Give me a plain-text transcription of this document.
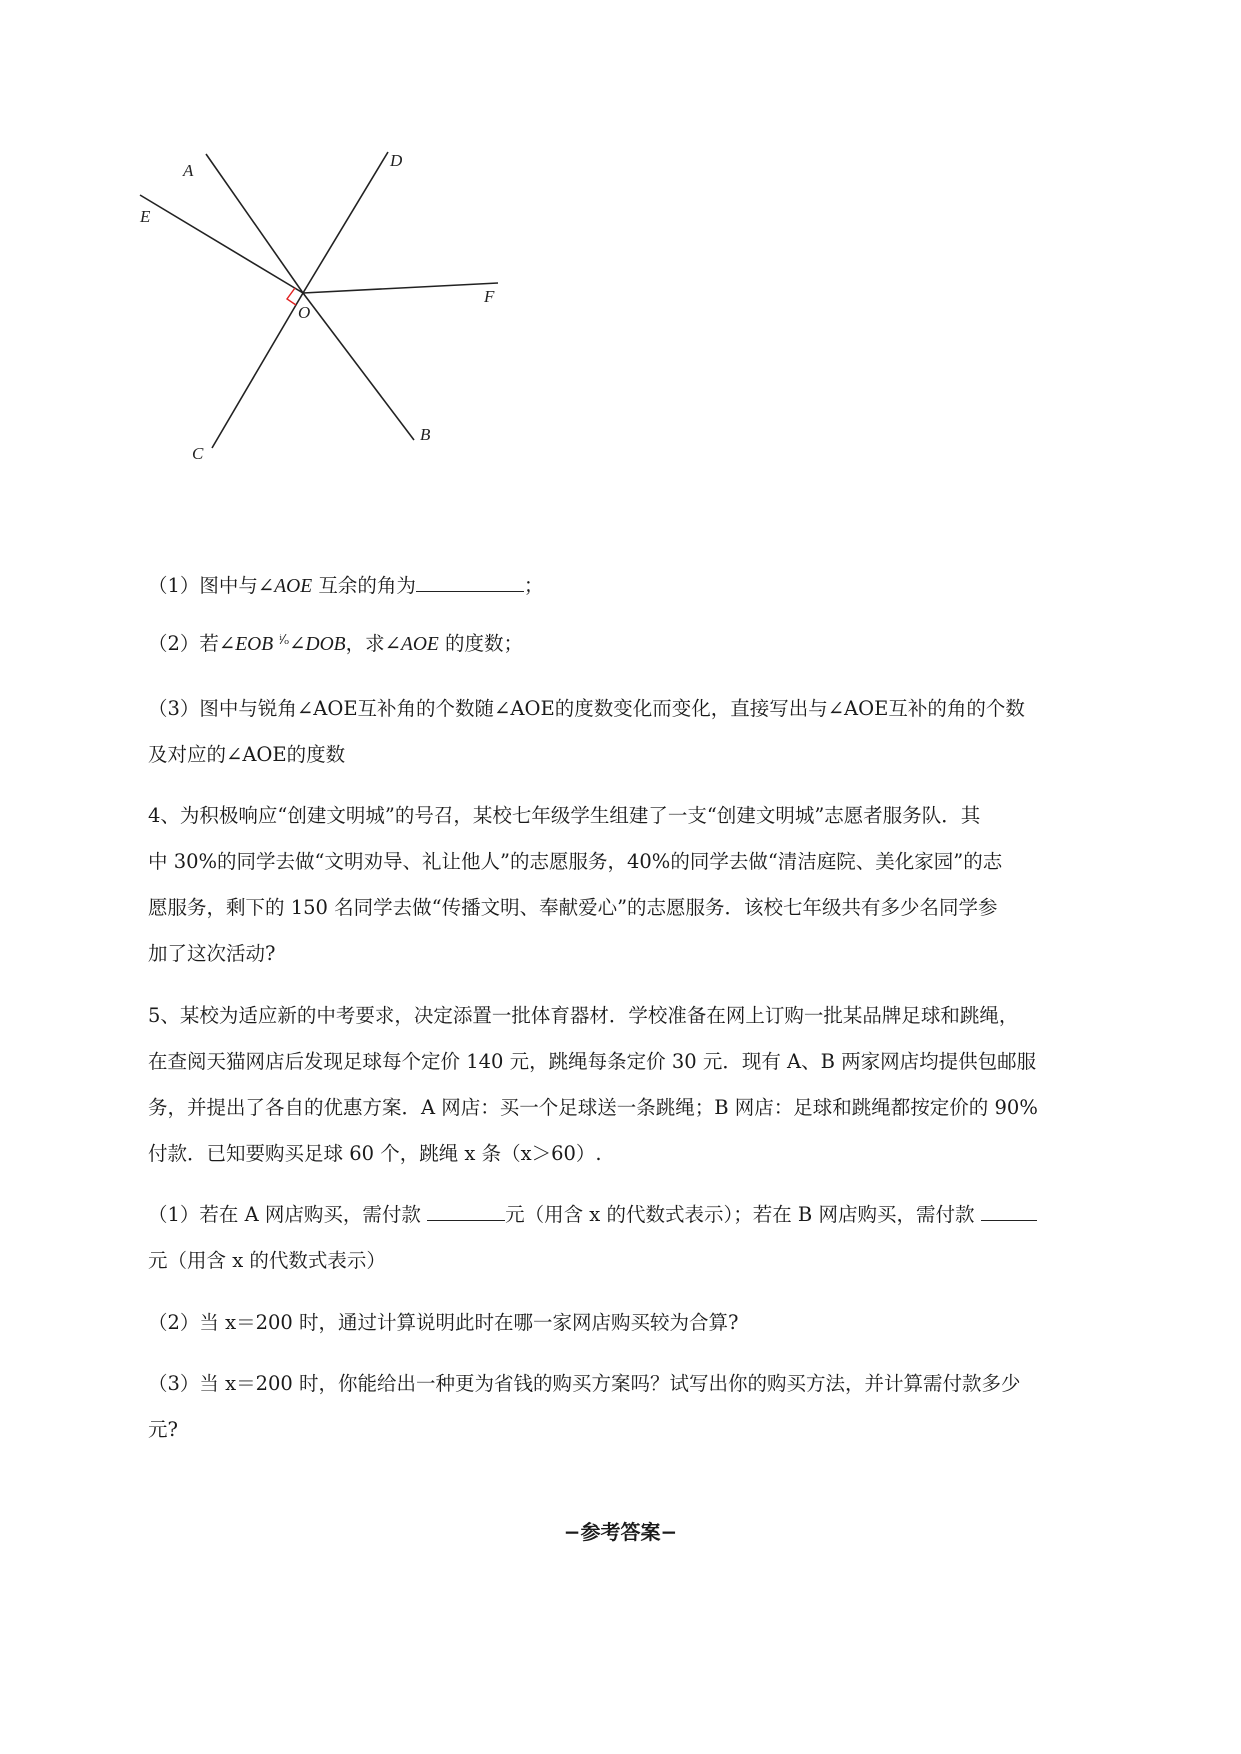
A
D
E
F
O
B
C
（1）图中与∠AOE 互余的角为	；
（2）若∠EOB $^{^i⁄_o}$∠DOB，求∠AOE 的度数；
（3）图中与锐角∠AOE互补角的个数随∠AOE的度数变化而变化，直接写出与∠AOE互补的角的个数
及对应的∠AOE的度数
4、为积极响应“创建文明城”的号召，某校七年级学生组建了一支“创建文明城”志愿者服务队．其
中 30%的同学去做“文明劝导、礼让他人”的志愿服务，40%的同学去做“清洁庭院、美化家园”的志
愿服务，剩下的 150 名同学去做“传播文明、奉献爱心”的志愿服务．该校七年级共有多少名同学参
加了这次活动?
5、某校为适应新的中考要求，决定添置一批体育器材．学校准备在网上订购一批某品牌足球和跳绳，
在查阅天猫网店后发现足球每个定价 140 元，跳绳每条定价 30 元．现有 A、B 两家网店均提供包邮服
务，并提出了各自的优惠方案．A 网店：买一个足球送一条跳绳；B 网店：足球和跳绳都按定价的 90%
付款．已知要购买足球 60 个，跳绳 x 条（x＞60）.
（1）若在 A 网店购买，需付款	元（用含 x 的代数式表示）；若在 B 网店购买，需付款
元（用含 x 的代数式表示）
（2）当 x＝200 时，通过计算说明此时在哪一家网店购买较为合算?
（3）当 x＝200 时，你能给出一种更为省钱的购买方案吗？试写出你的购买方法，并计算需付款多少
元?
−参考答案−
